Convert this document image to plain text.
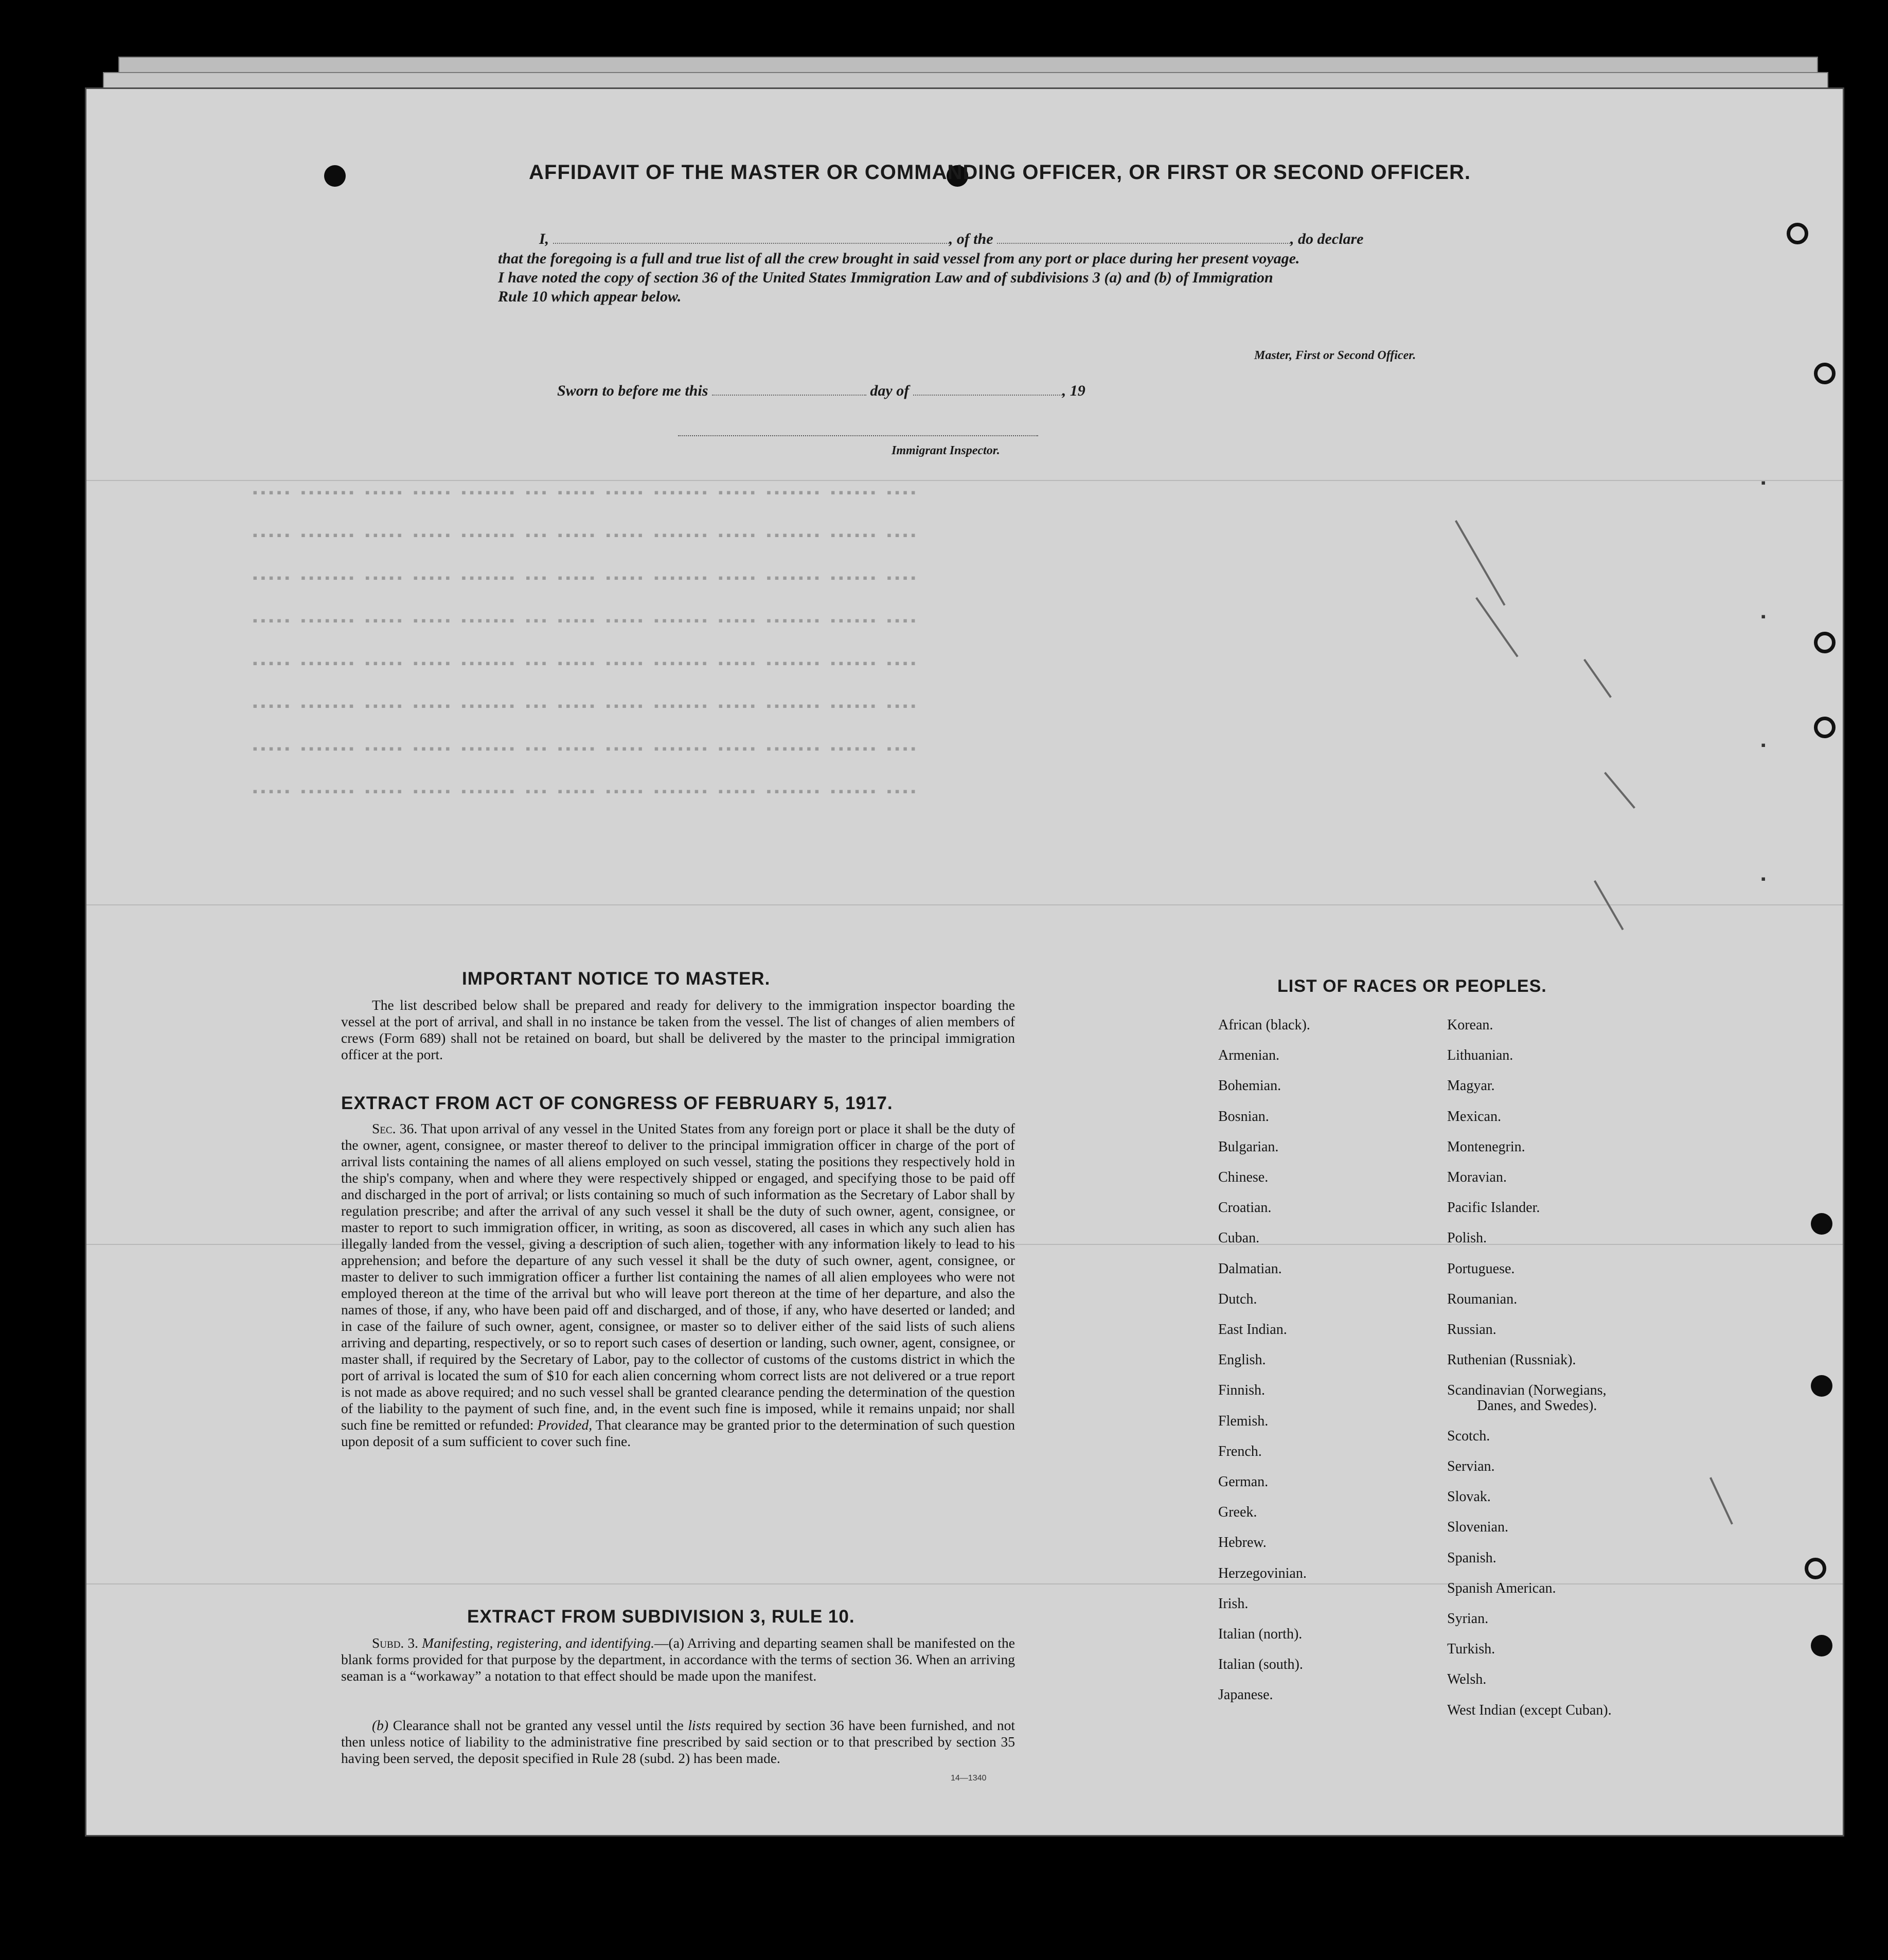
AFFIDAVIT OF THE MASTER OR COMMANDING OFFICER, OR FIRST OR SECOND OFFICER.
I,	, of the	, do declare
that the foregoing is a full and true list of all the crew brought in said vessel from any port or place during her present voyage.
I have noted the copy of section 36 of the United States Immigration Law and of subdivisions 3 (a) and (b) of Immigration
Rule 10 which appear below.
Master, First or Second Officer.
Sworn to before me this	day of	, 19
Immigrant Inspector.
▪▪▪▪▪ ▪▪▪▪▪▪▪ ▪▪▪▪▪ ▪▪▪▪▪ ▪▪▪▪▪▪▪ ▪▪▪ ▪▪▪▪▪ ▪▪▪▪▪ ▪▪▪▪▪▪▪ ▪▪▪▪▪ ▪▪▪▪▪▪▪ ▪▪▪▪▪▪ ▪▪▪▪
▪▪▪▪▪ ▪▪▪▪▪▪▪ ▪▪▪▪▪ ▪▪▪▪▪ ▪▪▪▪▪▪▪ ▪▪▪ ▪▪▪▪▪ ▪▪▪▪▪ ▪▪▪▪▪▪▪ ▪▪▪▪▪ ▪▪▪▪▪▪▪ ▪▪▪▪▪▪ ▪▪▪▪
▪▪▪▪▪ ▪▪▪▪▪▪▪ ▪▪▪▪▪ ▪▪▪▪▪ ▪▪▪▪▪▪▪ ▪▪▪ ▪▪▪▪▪ ▪▪▪▪▪ ▪▪▪▪▪▪▪ ▪▪▪▪▪ ▪▪▪▪▪▪▪ ▪▪▪▪▪▪ ▪▪▪▪
▪▪▪▪▪ ▪▪▪▪▪▪▪ ▪▪▪▪▪ ▪▪▪▪▪ ▪▪▪▪▪▪▪ ▪▪▪ ▪▪▪▪▪ ▪▪▪▪▪ ▪▪▪▪▪▪▪ ▪▪▪▪▪ ▪▪▪▪▪▪▪ ▪▪▪▪▪▪ ▪▪▪▪
▪▪▪▪▪ ▪▪▪▪▪▪▪ ▪▪▪▪▪ ▪▪▪▪▪ ▪▪▪▪▪▪▪ ▪▪▪ ▪▪▪▪▪ ▪▪▪▪▪ ▪▪▪▪▪▪▪ ▪▪▪▪▪ ▪▪▪▪▪▪▪ ▪▪▪▪▪▪ ▪▪▪▪
▪▪▪▪▪ ▪▪▪▪▪▪▪ ▪▪▪▪▪ ▪▪▪▪▪ ▪▪▪▪▪▪▪ ▪▪▪ ▪▪▪▪▪ ▪▪▪▪▪ ▪▪▪▪▪▪▪ ▪▪▪▪▪ ▪▪▪▪▪▪▪ ▪▪▪▪▪▪ ▪▪▪▪
▪▪▪▪▪ ▪▪▪▪▪▪▪ ▪▪▪▪▪ ▪▪▪▪▪ ▪▪▪▪▪▪▪ ▪▪▪ ▪▪▪▪▪ ▪▪▪▪▪ ▪▪▪▪▪▪▪ ▪▪▪▪▪ ▪▪▪▪▪▪▪ ▪▪▪▪▪▪ ▪▪▪▪
▪▪▪▪▪ ▪▪▪▪▪▪▪ ▪▪▪▪▪ ▪▪▪▪▪ ▪▪▪▪▪▪▪ ▪▪▪ ▪▪▪▪▪ ▪▪▪▪▪ ▪▪▪▪▪▪▪ ▪▪▪▪▪ ▪▪▪▪▪▪▪ ▪▪▪▪▪▪ ▪▪▪▪
▪
▪
▪
▪
IMPORTANT NOTICE TO MASTER.
The list described below shall be prepared and ready for delivery to the immigration inspector boarding the vessel at the port of arrival, and shall in no instance be taken from the vessel. The list of changes of alien members of crews (Form 689) shall not be retained on board, but shall be delivered by the master to the principal immigration officer at the port.
EXTRACT FROM ACT OF CONGRESS OF FEBRUARY 5, 1917.
Sec. 36. That upon arrival of any vessel in the United States from any foreign port or place it shall be the duty of the owner, agent, consignee, or master thereof to deliver to the principal immigration officer in charge of the port of arrival lists containing the names of all aliens employed on such vessel, stating the positions they respectively hold in the ship's company, when and where they were respectively shipped or engaged, and specifying those to be paid off and discharged in the port of arrival; or lists containing so much of such information as the Secretary of Labor shall by regulation prescribe; and after the arrival of any such vessel it shall be the duty of such owner, agent, consignee, or master to report to such immigration officer, in writing, as soon as discovered, all cases in which any such alien has illegally landed from the vessel, giving a description of such alien, together with any information likely to lead to his apprehension; and before the departure of any such vessel it shall be the duty of such owner, agent, consignee, or master to deliver to such immigration officer a further list containing the names of all alien employees who were not employed thereon at the time of the arrival but who will leave port thereon at the time of her departure, and also the names of those, if any, who have been paid off and discharged, and of those, if any, who have deserted or landed; and in case of the failure of such owner, agent, consignee, or master so to deliver either of the said lists of such aliens arriving and departing, respectively, or so to report such cases of desertion or landing, such owner, agent, consignee, or master shall, if required by the Secretary of Labor, pay to the collector of customs of the customs district in which the port of arrival is located the sum of $10 for each alien concerning whom correct lists are not delivered or a true report is not made as above required; and no such vessel shall be granted clearance pending the determination of the question of the liability to the payment of such fine, and, in the event such fine is imposed, while it remains unpaid; nor shall such fine be remitted or refunded: Provided, That clearance may be granted prior to the determination of such question upon deposit of a sum sufficient to cover such fine.
EXTRACT FROM SUBDIVISION 3, RULE 10.
Subd. 3. Manifesting, registering, and identifying.—(a) Arriving and departing seamen shall be manifested on the blank forms provided for that purpose by the department, in accordance with the terms of section 36. When an arriving seaman is a “workaway” a notation to that effect should be made upon the manifest.
(b) Clearance shall not be granted any vessel until the lists required by section 36 have been furnished, and not then unless notice of liability to the administrative fine prescribed by said section or to that prescribed by section 35 having been served, the deposit specified in Rule 28 (subd. 2) has been made.
14—1340
LIST OF RACES OR PEOPLES.
African (black).
Armenian.
Bohemian.
Bosnian.
Bulgarian.
Chinese.
Croatian.
Cuban.
Dalmatian.
Dutch.
East Indian.
English.
Finnish.
Flemish.
French.
German.
Greek.
Hebrew.
Herzegovinian.
Irish.
Italian (north).
Italian (south).
Japanese.
Korean.
Lithuanian.
Magyar.
Mexican.
Montenegrin.
Moravian.
Pacific Islander.
Polish.
Portuguese.
Roumanian.
Russian.
Ruthenian (Russniak).
Scandinavian (Norwegians,
Danes, and Swedes).
Scotch.
Servian.
Slovak.
Slovenian.
Spanish.
Spanish American.
Syrian.
Turkish.
Welsh.
West Indian (except Cuban).
